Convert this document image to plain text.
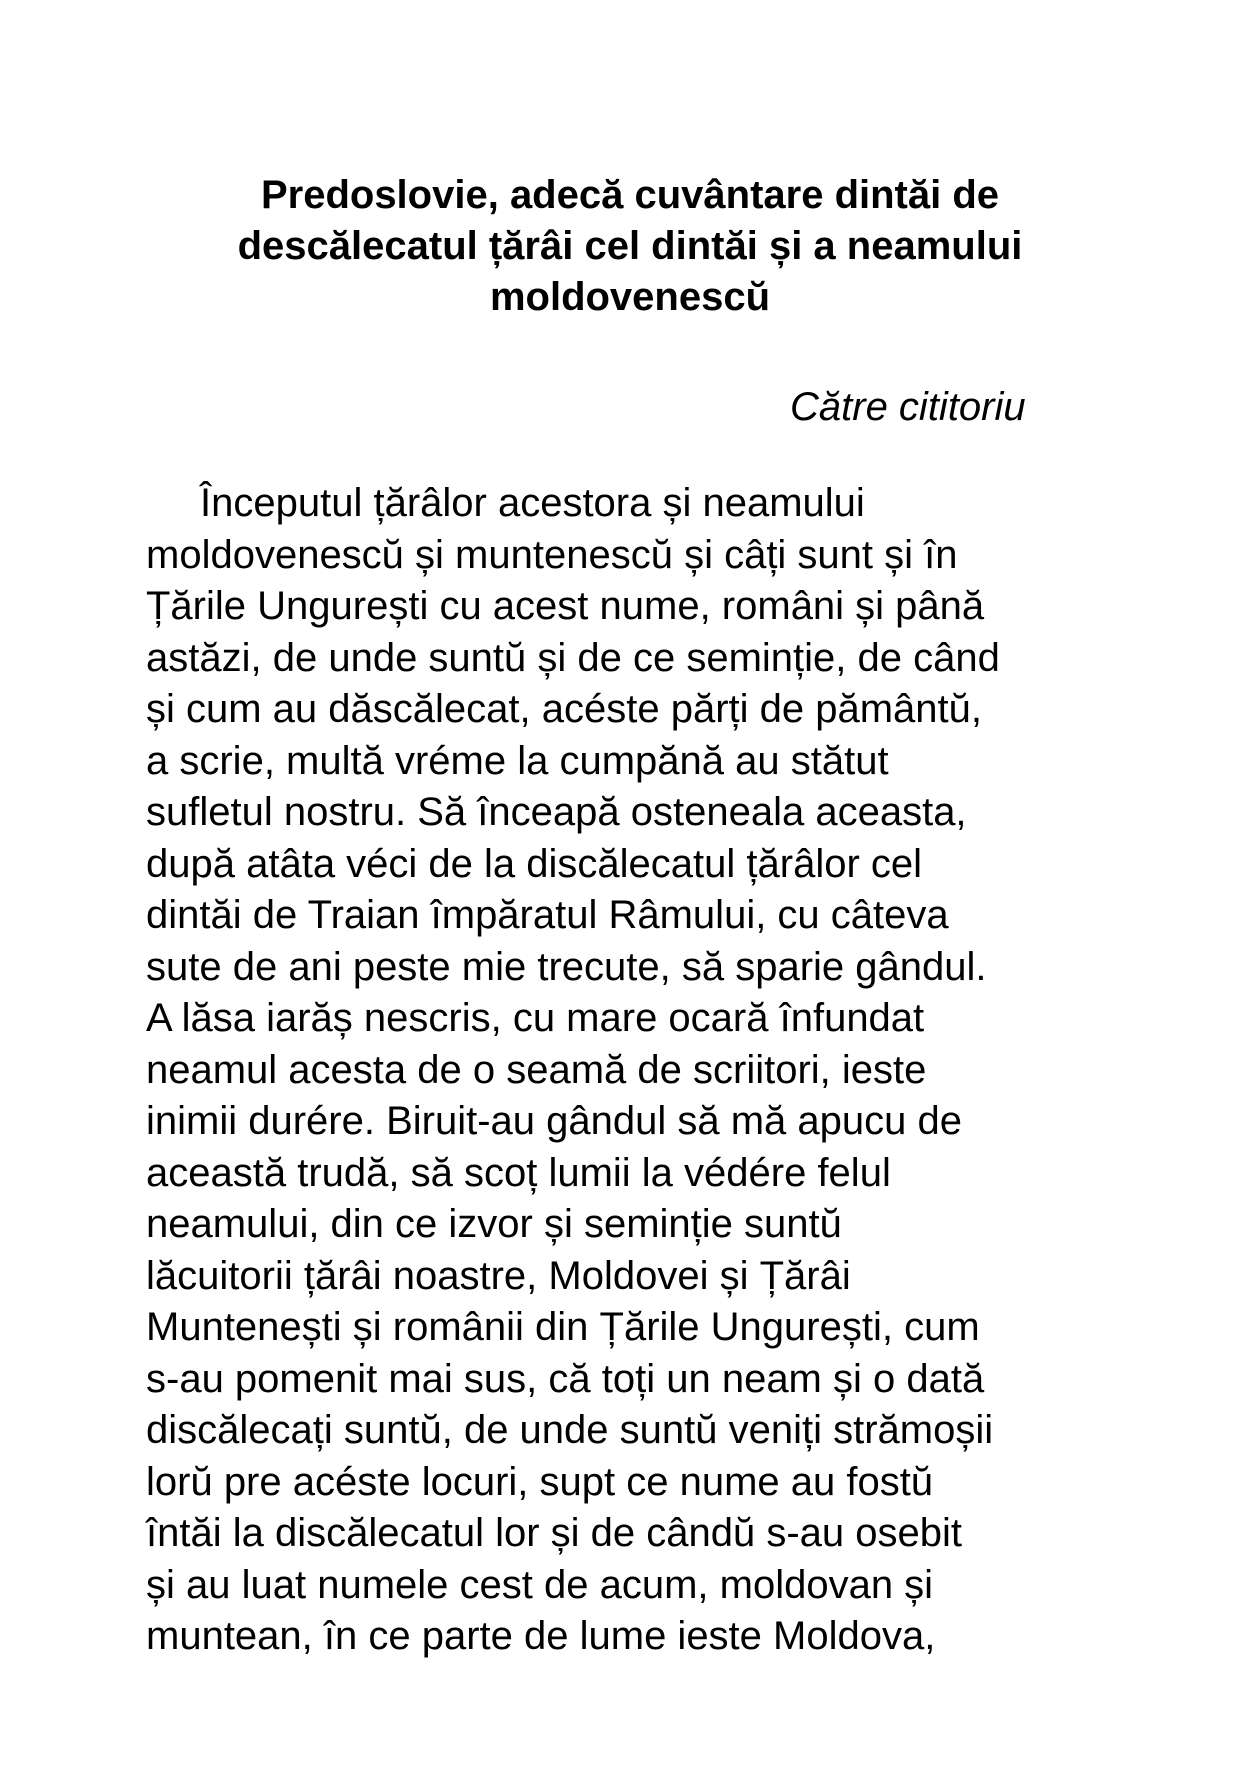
Predoslovie, adecă cuvântare dintăi de
descălecatul țărâi cel dintăi și a neamului
moldovenescŭ

Către cititoriu

Începutul țărâlor acestora și neamului
moldovenescŭ și muntenescŭ și câți sunt și în
Țările Ungurești cu acest nume, români și până
astăzi, de unde suntŭ și de ce seminție, de când
și cum au dăscălecat, acéste părți de pământŭ,
a scrie, multă vréme la cumpănă au stătut
sufletul nostru. Să înceapă osteneala aceasta,
după atâta véci de la discălecatul țărâlor cel
dintăi de Traian împăratul Râmului, cu câteva
sute de ani peste mie trecute, să sparie gândul.
A lăsa iarăș nescris, cu mare ocară înfundat
neamul acesta de o seamă de scriitori, ieste
inimii durére. Biruit-au gândul să mă apucu de
această trudă, să scoț lumii la védére felul
neamului, din ce izvor și seminție suntŭ
lăcuitorii țărâi noastre, Moldovei și Țărâi
Muntenești și românii din Țările Ungurești, cum
s-au pomenit mai sus, că toți un neam și o dată
discălecați suntŭ, de unde suntŭ veniți strămoșii
lorŭ pre acéste locuri, supt ce nume au fostŭ
întăi la discălecatul lor și de cândŭ s-au osebit
și au luat numele cest de acum, moldovan și
muntean, în ce parte de lume ieste Moldova,
